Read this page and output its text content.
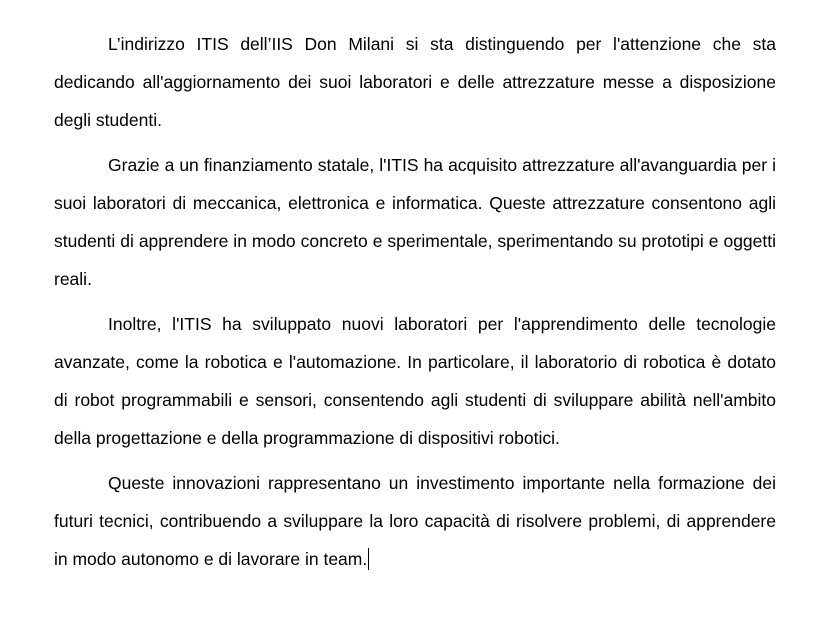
L’indirizzo ITIS dell’IIS Don Milani si sta distinguendo per l'attenzione che sta dedicando all'aggiornamento dei suoi laboratori e delle attrezzature messe a disposizione degli studenti.

Grazie a un finanziamento statale, l'ITIS ha acquisito attrezzature all'avanguardia per i suoi laboratori di meccanica, elettronica e informatica. Queste attrezzature consentono agli studenti di apprendere in modo concreto e sperimentale, sperimentando su prototipi e oggetti reali.

Inoltre, l'ITIS ha sviluppato nuovi laboratori per l'apprendimento delle tecnologie avanzate, come la robotica e l'automazione. In particolare, il laboratorio di robotica è dotato di robot programmabili e sensori, consentendo agli studenti di sviluppare abilità nell'ambito della progettazione e della programmazione di dispositivi robotici.

Queste innovazioni rappresentano un investimento importante nella formazione dei futuri tecnici, contribuendo a sviluppare la loro capacità di risolvere problemi, di apprendere in modo autonomo e di lavorare in team.
